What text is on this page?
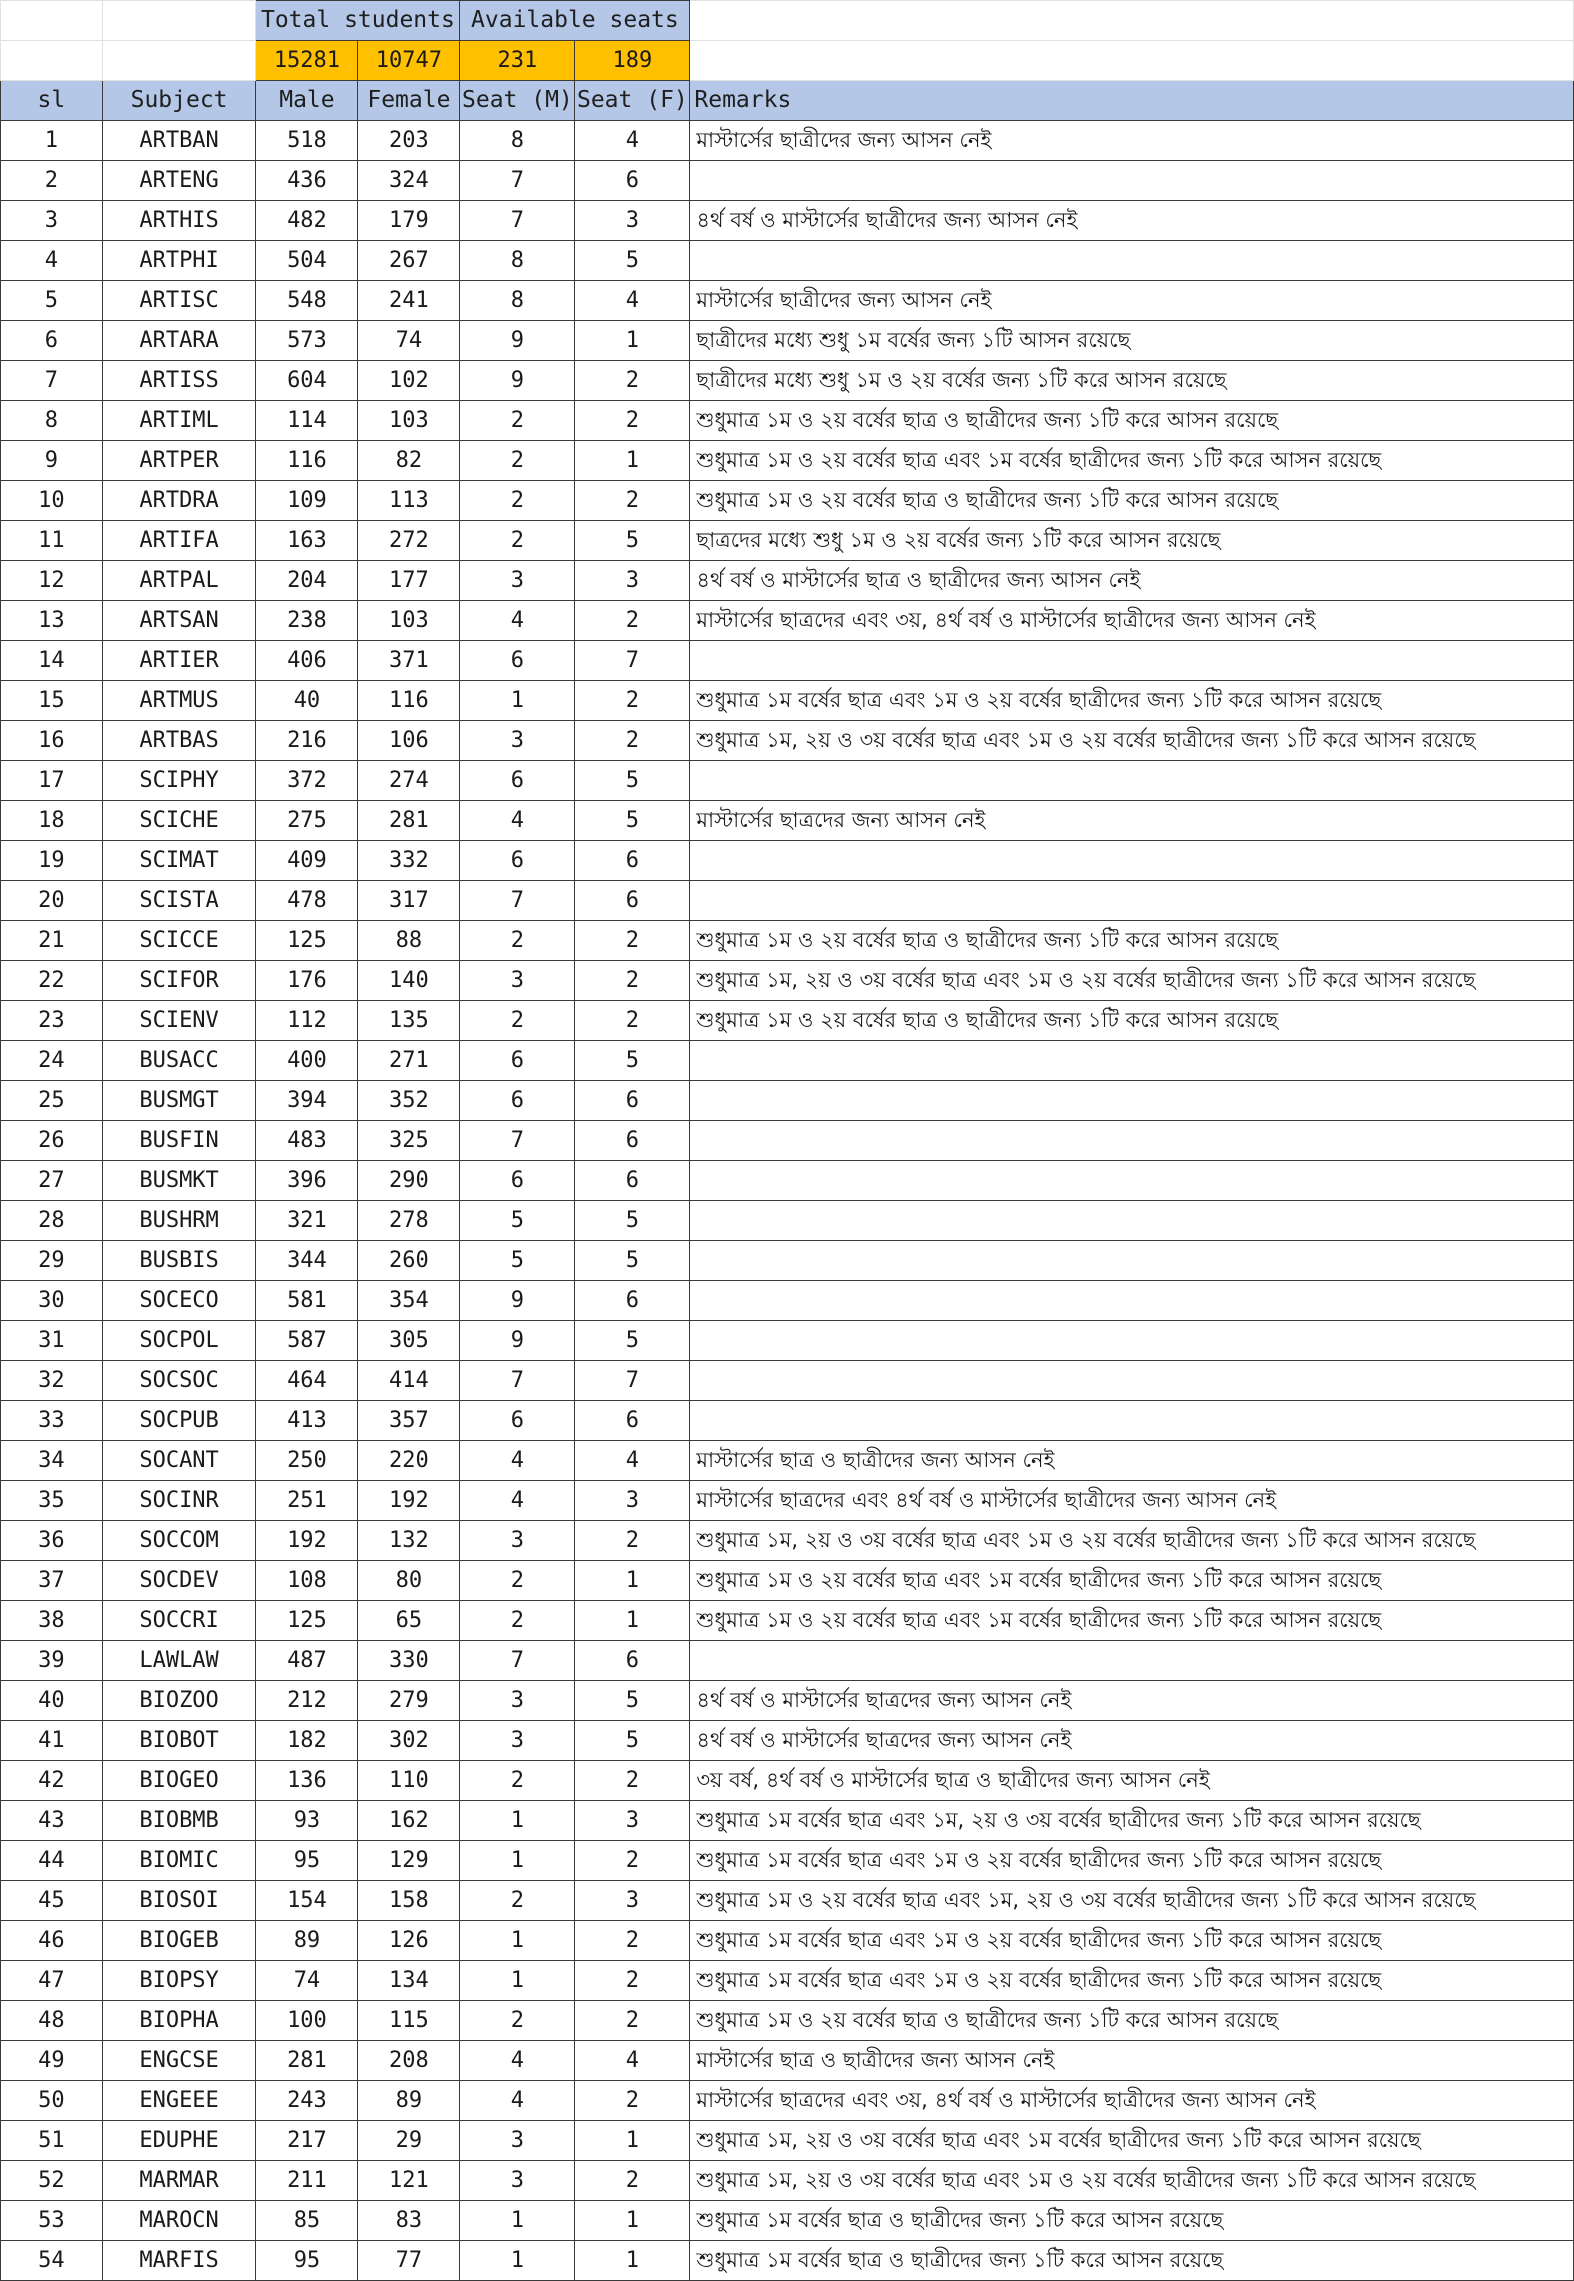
		Total students		Available seats		
		15281	10747	231	189	
sl	Subject	Male	Female	Seat (M)	Seat (F)	Remarks
1	ARTBAN	518	203	8	4	মাস্টার্সের ছাত্রীদের জন্য আসন নেই
2	ARTENG	436	324	7	6	
3	ARTHIS	482	179	7	3	৪র্থ বর্ষ ও মাস্টার্সের ছাত্রীদের জন্য আসন নেই
4	ARTPHI	504	267	8	5	
5	ARTISC	548	241	8	4	মাস্টার্সের ছাত্রীদের জন্য আসন নেই
6	ARTARA	573	74	9	1	ছাত্রীদের মধ্যে শুধু ১ম বর্ষের জন্য ১টি আসন রয়েছে
7	ARTISS	604	102	9	2	ছাত্রীদের মধ্যে শুধু ১ম ও ২য় বর্ষের জন্য ১টি করে আসন রয়েছে
8	ARTIML	114	103	2	2	শুধুমাত্র ১ম ও ২য় বর্ষের ছাত্র ও ছাত্রীদের জন্য ১টি করে আসন রয়েছে
9	ARTPER	116	82	2	1	শুধুমাত্র ১ম ও ২য় বর্ষের ছাত্র এবং ১ম বর্ষের ছাত্রীদের জন্য ১টি করে আসন রয়েছে
10	ARTDRA	109	113	2	2	শুধুমাত্র ১ম ও ২য় বর্ষের ছাত্র ও ছাত্রীদের জন্য ১টি করে আসন রয়েছে
11	ARTIFA	163	272	2	5	ছাত্রদের মধ্যে শুধু ১ম ও ২য় বর্ষের জন্য ১টি করে আসন রয়েছে
12	ARTPAL	204	177	3	3	৪র্থ বর্ষ ও মাস্টার্সের ছাত্র ও ছাত্রীদের জন্য আসন নেই
13	ARTSAN	238	103	4	2	মাস্টার্সের ছাত্রদের এবং ৩য়, ৪র্থ বর্ষ ও মাস্টার্সের ছাত্রীদের জন্য আসন নেই
14	ARTIER	406	371	6	7	
15	ARTMUS	40	116	1	2	শুধুমাত্র ১ম বর্ষের ছাত্র এবং ১ম ও ২য় বর্ষের ছাত্রীদের জন্য ১টি করে আসন রয়েছে
16	ARTBAS	216	106	3	2	শুধুমাত্র ১ম, ২য় ও ৩য় বর্ষের ছাত্র এবং ১ম ও ২য় বর্ষের ছাত্রীদের জন্য ১টি করে আসন রয়েছে
17	SCIPHY	372	274	6	5	
18	SCICHE	275	281	4	5	মাস্টার্সের ছাত্রদের জন্য আসন নেই
19	SCIMAT	409	332	6	6	
20	SCISTA	478	317	7	6	
21	SCICCE	125	88	2	2	শুধুমাত্র ১ম ও ২য় বর্ষের ছাত্র ও ছাত্রীদের জন্য ১টি করে আসন রয়েছে
22	SCIFOR	176	140	3	2	শুধুমাত্র ১ম, ২য় ও ৩য় বর্ষের ছাত্র এবং ১ম ও ২য় বর্ষের ছাত্রীদের জন্য ১টি করে আসন রয়েছে
23	SCIENV	112	135	2	2	শুধুমাত্র ১ম ও ২য় বর্ষের ছাত্র ও ছাত্রীদের জন্য ১টি করে আসন রয়েছে
24	BUSACC	400	271	6	5	
25	BUSMGT	394	352	6	6	
26	BUSFIN	483	325	7	6	
27	BUSMKT	396	290	6	6	
28	BUSHRM	321	278	5	5	
29	BUSBIS	344	260	5	5	
30	SOCECO	581	354	9	6	
31	SOCPOL	587	305	9	5	
32	SOCSOC	464	414	7	7	
33	SOCPUB	413	357	6	6	
34	SOCANT	250	220	4	4	মাস্টার্সের ছাত্র ও ছাত্রীদের জন্য আসন নেই
35	SOCINR	251	192	4	3	মাস্টার্সের ছাত্রদের এবং ৪র্থ বর্ষ ও মাস্টার্সের ছাত্রীদের জন্য আসন নেই
36	SOCCOM	192	132	3	2	শুধুমাত্র ১ম, ২য় ও ৩য় বর্ষের ছাত্র এবং ১ম ও ২য় বর্ষের ছাত্রীদের জন্য ১টি করে আসন রয়েছে
37	SOCDEV	108	80	2	1	শুধুমাত্র ১ম ও ২য় বর্ষের ছাত্র এবং ১ম বর্ষের ছাত্রীদের জন্য ১টি করে আসন রয়েছে
38	SOCCRI	125	65	2	1	শুধুমাত্র ১ম ও ২য় বর্ষের ছাত্র এবং ১ম বর্ষের ছাত্রীদের জন্য ১টি করে আসন রয়েছে
39	LAWLAW	487	330	7	6	
40	BIOZOO	212	279	3	5	৪র্থ বর্ষ ও মাস্টার্সের ছাত্রদের জন্য আসন নেই
41	BIOBOT	182	302	3	5	৪র্থ বর্ষ ও মাস্টার্সের ছাত্রদের জন্য আসন নেই
42	BIOGEO	136	110	2	2	৩য় বর্ষ, ৪র্থ বর্ষ ও মাস্টার্সের ছাত্র ও ছাত্রীদের জন্য আসন নেই
43	BIOBMB	93	162	1	3	শুধুমাত্র ১ম বর্ষের ছাত্র এবং ১ম, ২য় ও ৩য় বর্ষের ছাত্রীদের জন্য ১টি করে আসন রয়েছে
44	BIOMIC	95	129	1	2	শুধুমাত্র ১ম বর্ষের ছাত্র এবং ১ম ও ২য় বর্ষের ছাত্রীদের জন্য ১টি করে আসন রয়েছে
45	BIOSOI	154	158	2	3	শুধুমাত্র ১ম ও ২য় বর্ষের ছাত্র এবং ১ম, ২য় ও ৩য় বর্ষের ছাত্রীদের জন্য ১টি করে আসন রয়েছে
46	BIOGEB	89	126	1	2	শুধুমাত্র ১ম বর্ষের ছাত্র এবং ১ম ও ২য় বর্ষের ছাত্রীদের জন্য ১টি করে আসন রয়েছে
47	BIOPSY	74	134	1	2	শুধুমাত্র ১ম বর্ষের ছাত্র এবং ১ম ও ২য় বর্ষের ছাত্রীদের জন্য ১টি করে আসন রয়েছে
48	BIOPHA	100	115	2	2	শুধুমাত্র ১ম ও ২য় বর্ষের ছাত্র ও ছাত্রীদের জন্য ১টি করে আসন রয়েছে
49	ENGCSE	281	208	4	4	মাস্টার্সের ছাত্র ও ছাত্রীদের জন্য আসন নেই
50	ENGEEE	243	89	4	2	মাস্টার্সের ছাত্রদের এবং ৩য়, ৪র্থ বর্ষ ও মাস্টার্সের ছাত্রীদের জন্য আসন নেই
51	EDUPHE	217	29	3	1	শুধুমাত্র ১ম, ২য় ও ৩য় বর্ষের ছাত্র এবং ১ম বর্ষের ছাত্রীদের জন্য ১টি করে আসন রয়েছে
52	MARMAR	211	121	3	2	শুধুমাত্র ১ম, ২য় ও ৩য় বর্ষের ছাত্র এবং ১ম ও ২য় বর্ষের ছাত্রীদের জন্য ১টি করে আসন রয়েছে
53	MAROCN	85	83	1	1	শুধুমাত্র ১ম বর্ষের ছাত্র ও ছাত্রীদের জন্য ১টি করে আসন রয়েছে
54	MARFIS	95	77	1	1	শুধুমাত্র ১ম বর্ষের ছাত্র ও ছাত্রীদের জন্য ১টি করে আসন রয়েছে
